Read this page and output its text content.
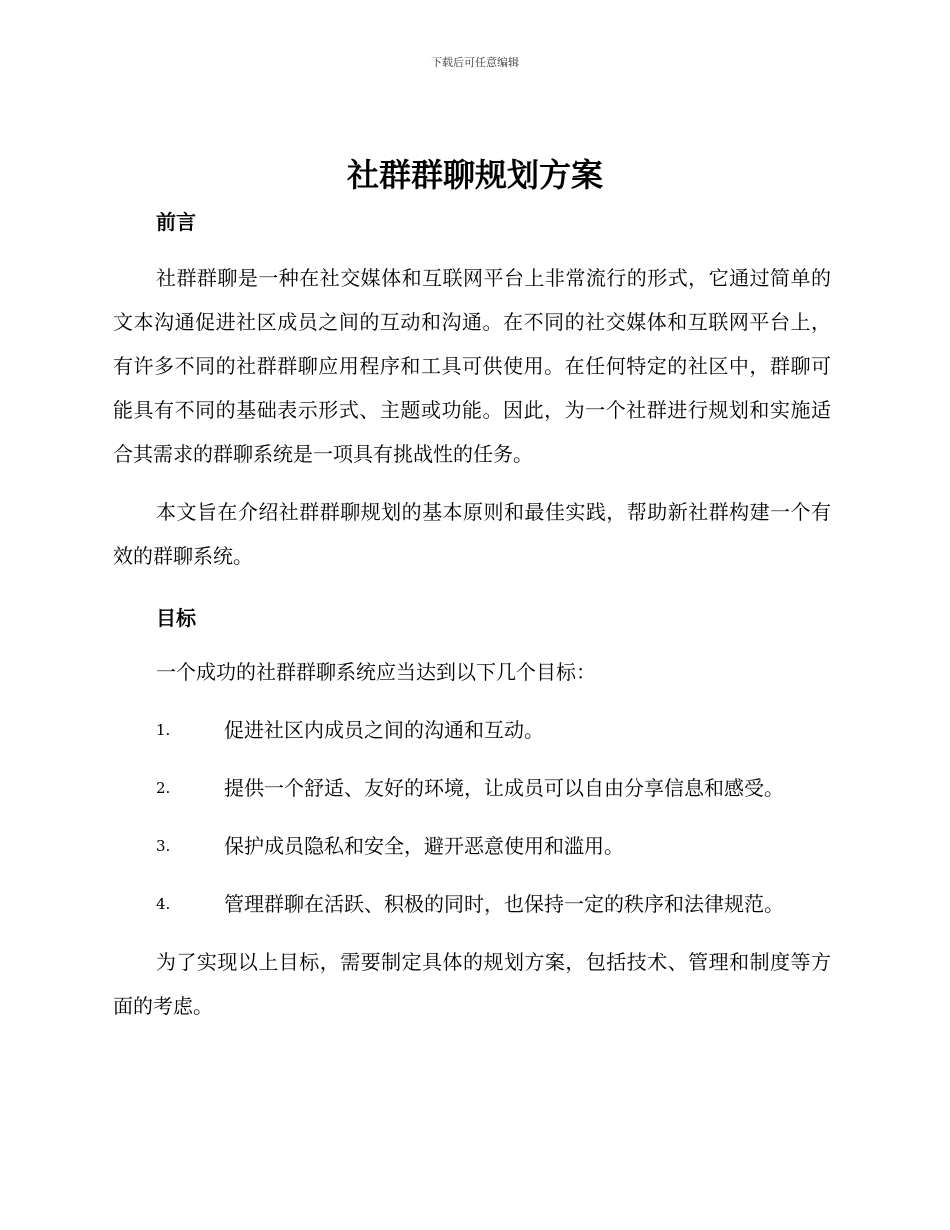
下载后可任意编辑
社群群聊规划方案
前言

社群群聊是一种在社交媒体和互联网平台上非常流行的形式，它通过简单的文本沟通促进社区成员之间的互动和沟通。在不同的社交媒体和互联网平台上，有许多不同的社群群聊应用程序和工具可供使用。在任何特定的社区中，群聊可能具有不同的基础表示形式、主题或功能。因此，为一个社群进行规划和实施适合其需求的群聊系统是一项具有挑战性的任务。

本文旨在介绍社群群聊规划的基本原则和最佳实践，帮助新社群构建一个有效的群聊系统。

目标

一个成功的社群群聊系统应当达到以下几个目标：

1.	促进社区内成员之间的沟通和互动。
2.	提供一个舒适、友好的环境，让成员可以自由分享信息和感受。
3.	保护成员隐私和安全，避开恶意使用和滥用。
4.	管理群聊在活跃、积极的同时，也保持一定的秩序和法律规范。

为了实现以上目标，需要制定具体的规划方案，包括技术、管理和制度等方面的考虑。
